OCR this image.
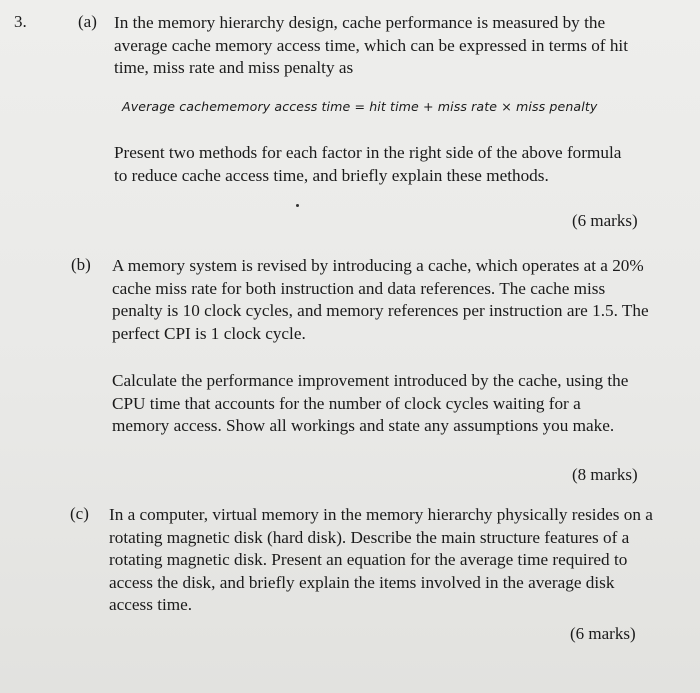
3.	(a) In the memory hierarchy design, cache performance is measured by the average cache memory access time, which can be expressed in terms of hit time, miss rate and miss penalty as

Average cachememory access time = hit time + miss rate × miss penalty

Present two methods for each factor in the right side of the above formula to reduce cache access time, and briefly explain these methods.

(6 marks)
(b) A memory system is revised by introducing a cache, which operates at a 20% cache miss rate for both instruction and data references. The cache miss penalty is 10 clock cycles, and memory references per instruction are 1.5. The perfect CPI is 1 clock cycle.

Calculate the performance improvement introduced by the cache, using the CPU time that accounts for the number of clock cycles waiting for a memory access. Show all workings and state any assumptions you make.

(8 marks)
(c) In a computer, virtual memory in the memory hierarchy physically resides on a rotating magnetic disk (hard disk). Describe the main structure features of a rotating magnetic disk. Present an equation for the average time required to access the disk, and briefly explain the items involved in the average disk access time.

(6 marks)
